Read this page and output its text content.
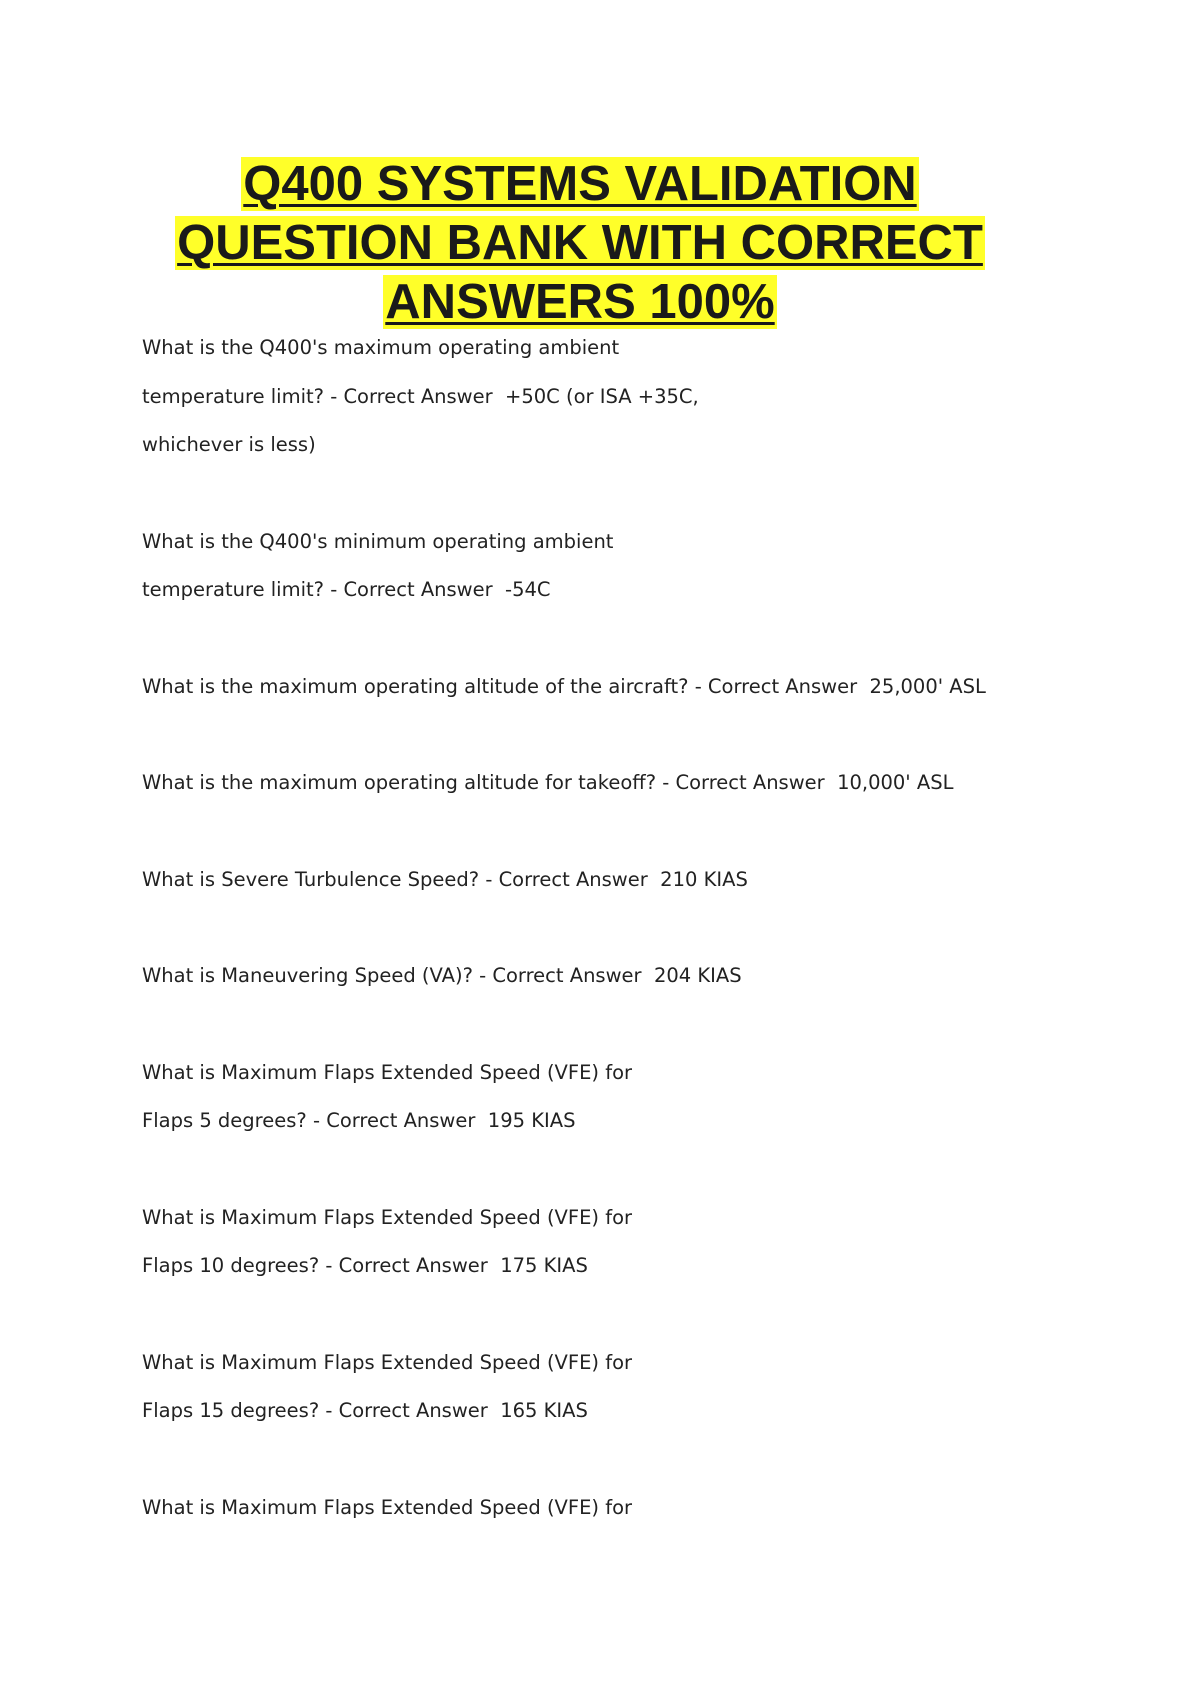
Q400 SYSTEMS VALIDATION
QUESTION BANK WITH CORRECT
ANSWERS 100%
What is the Q400's maximum operating ambient
temperature limit? - Correct Answer  +50C (or ISA +35C,
whichever is less)
What is the Q400's minimum operating ambient
temperature limit? - Correct Answer  -54C
What is the maximum operating altitude of the aircraft? - Correct Answer  25,000' ASL
What is the maximum operating altitude for takeoff? - Correct Answer  10,000' ASL
What is Severe Turbulence Speed? - Correct Answer  210 KIAS
What is Maneuvering Speed (VA)? - Correct Answer  204 KIAS
What is Maximum Flaps Extended Speed (VFE) for
Flaps 5 degrees? - Correct Answer  195 KIAS
What is Maximum Flaps Extended Speed (VFE) for
Flaps 10 degrees? - Correct Answer  175 KIAS
What is Maximum Flaps Extended Speed (VFE) for
Flaps 15 degrees? - Correct Answer  165 KIAS
What is Maximum Flaps Extended Speed (VFE) for
